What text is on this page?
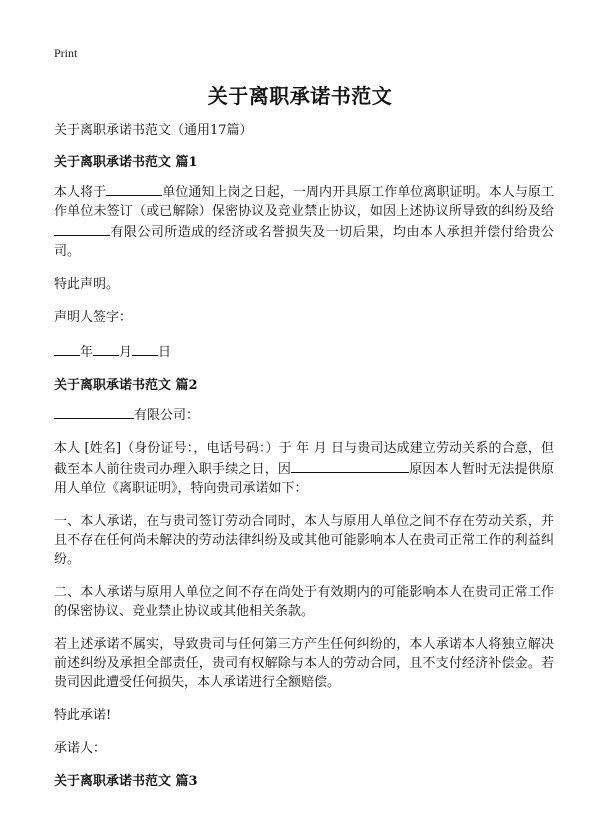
Print
关于离职承诺书范文

关于离职承诺书范文（通用17篇）

关于离职承诺书范文 篇1

本人将于	单位通知上岗之日起，一周内开具原工作单位离职证明。本人与原工作单位未签订（或已解除）保密协议及竞业禁止协议，如因上述协议所导致的纠纷及给有限公司所造成的经济或名誉损失及一切后果，均由本人承担并偿付给贵公司。

特此声明。

声明人签字：

年 月 日

关于离职承诺书范文 篇2

有限公司：

本人 [姓名]（身份证号：，电话号码：）于 年 月 日与贵司达成建立劳动关系的合意，但截至本人前往贵司办理入职手续之日，因	原因本人暂时无法提供原用人单位《离职证明》，特向贵司承诺如下：

一、本人承诺，在与贵司签订劳动合同时，本人与原用人单位之间不存在劳动关系，并且不存在任何尚未解决的劳动法律纠纷及或其他可能影响本人在贵司正常工作的利益纠纷。

二、本人承诺与原用人单位之间不存在尚处于有效期内的可能影响本人在贵司正常工作的保密协议、竞业禁止协议或其他相关条款。

若上述承诺不属实，导致贵司与任何第三方产生任何纠纷的，本人承诺本人将独立解决前述纠纷及承担全部责任，贵司有权解除与本人的劳动合同，且不支付经济补偿金。若贵司因此遭受任何损失，本人承诺进行全额赔偿。

特此承诺!

承诺人：

关于离职承诺书范文 篇3
